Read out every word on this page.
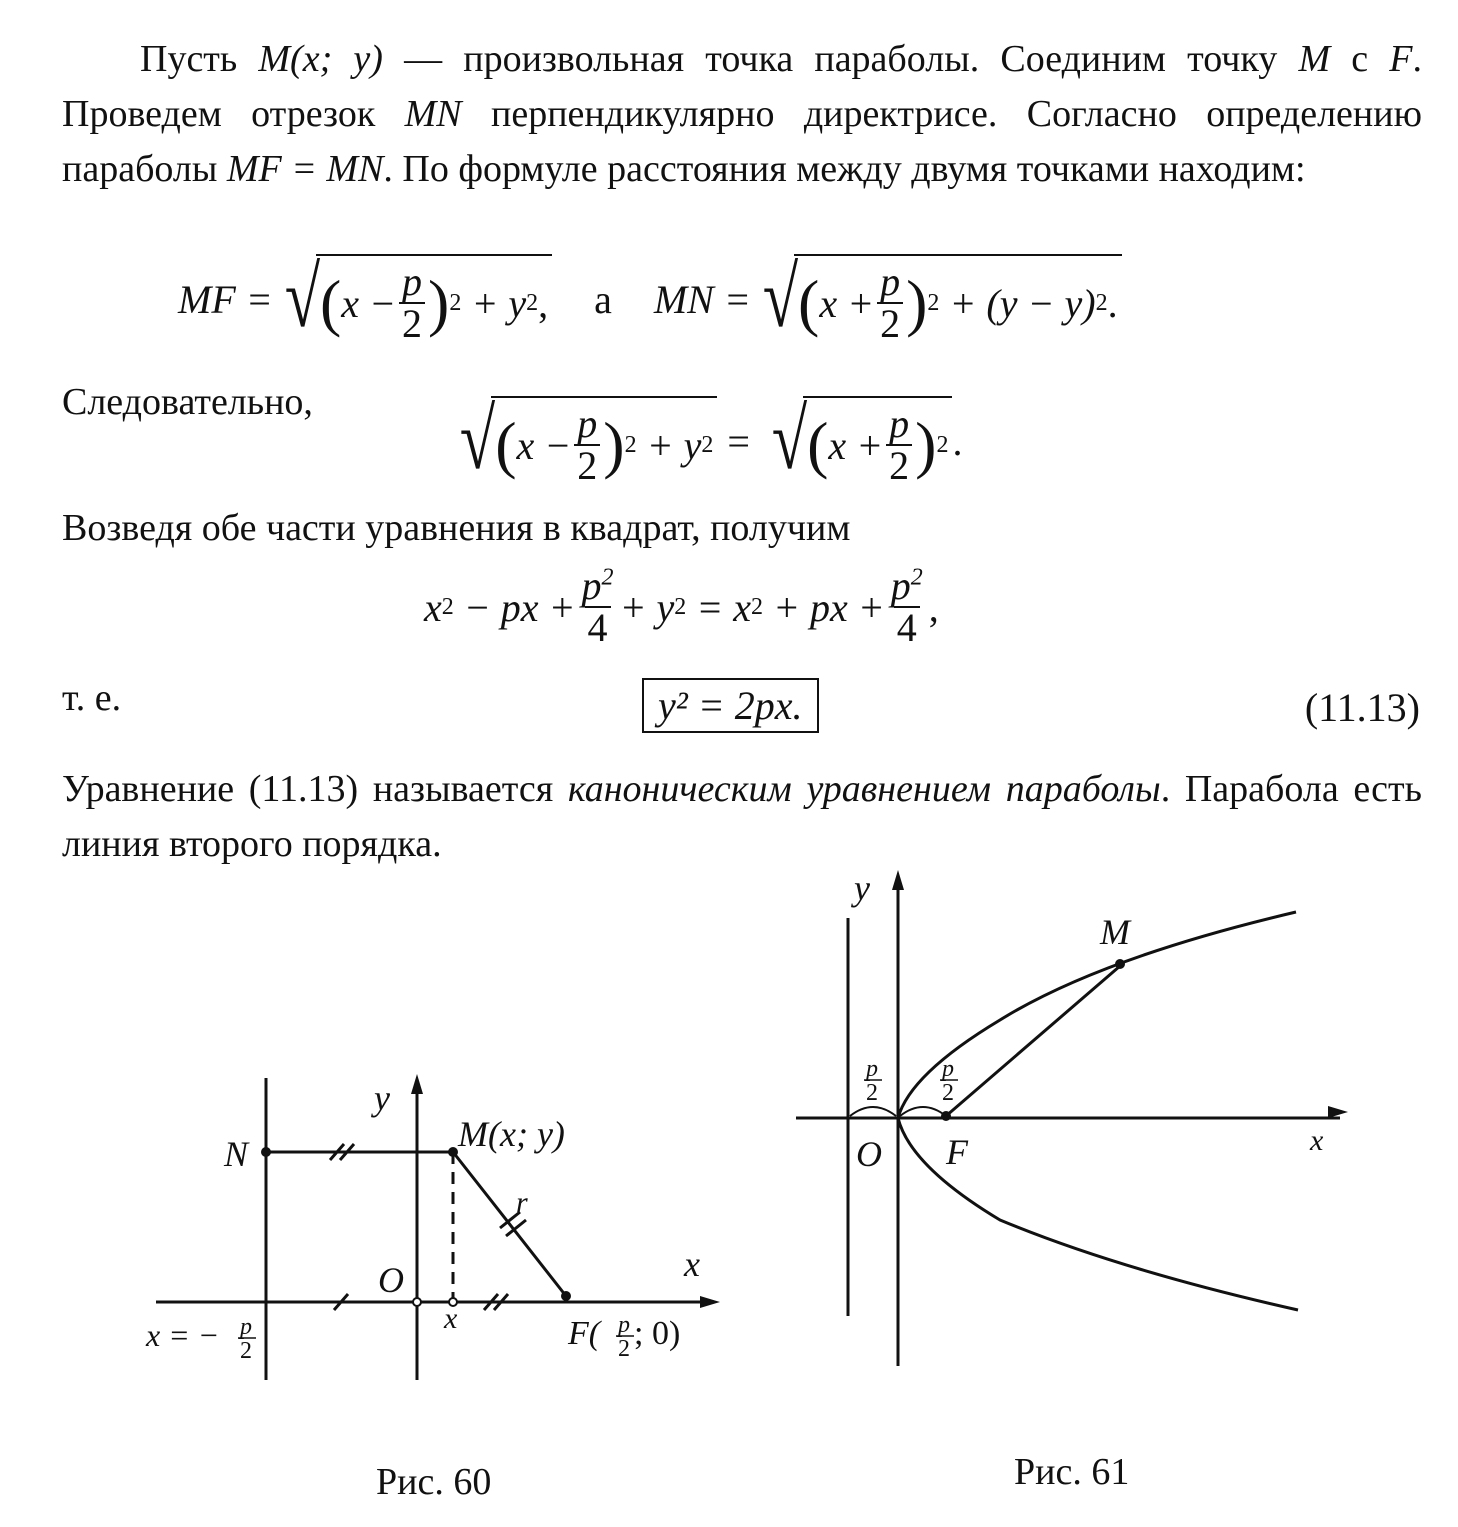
Пусть M(x; y) — произвольная точка параболы. Соединим точку M с F. Проведем отрезок MN перпендикулярно директрисе. Согласно определению параболы MF = MN. По формуле расстояния между двумя точками находим:
MF = √ ( $x - \frac{p}{2}$ ) 2
+ y 2 , а MN = √ ( $x + \frac{p}{2}$ ) 2
+ (y − y) 2 .
Следовательно, √ ( $x - \frac{p}{2}$ ) 2
+ y 2
=
√ ( $x + \frac{p}{2}$ ) 2 .
Возведя обе части уравнения в квадрат, получим
x 2
− px + $\frac{p^2}{4} + y$ 2
= x 2
+ px + $\frac{p^2}{4}$ ,
т. е.	y² = 2px.	(11.13)
Уравнение (11.13) называется каноническим уравнением параболы. Парабола есть линия второго порядка.
y
x
N	M(x; y)
O
x
r
x = − p
2	F( p
2 ; 0)
y
x
M
O F
p
2
p
2
Рис. 60	Рис. 61
